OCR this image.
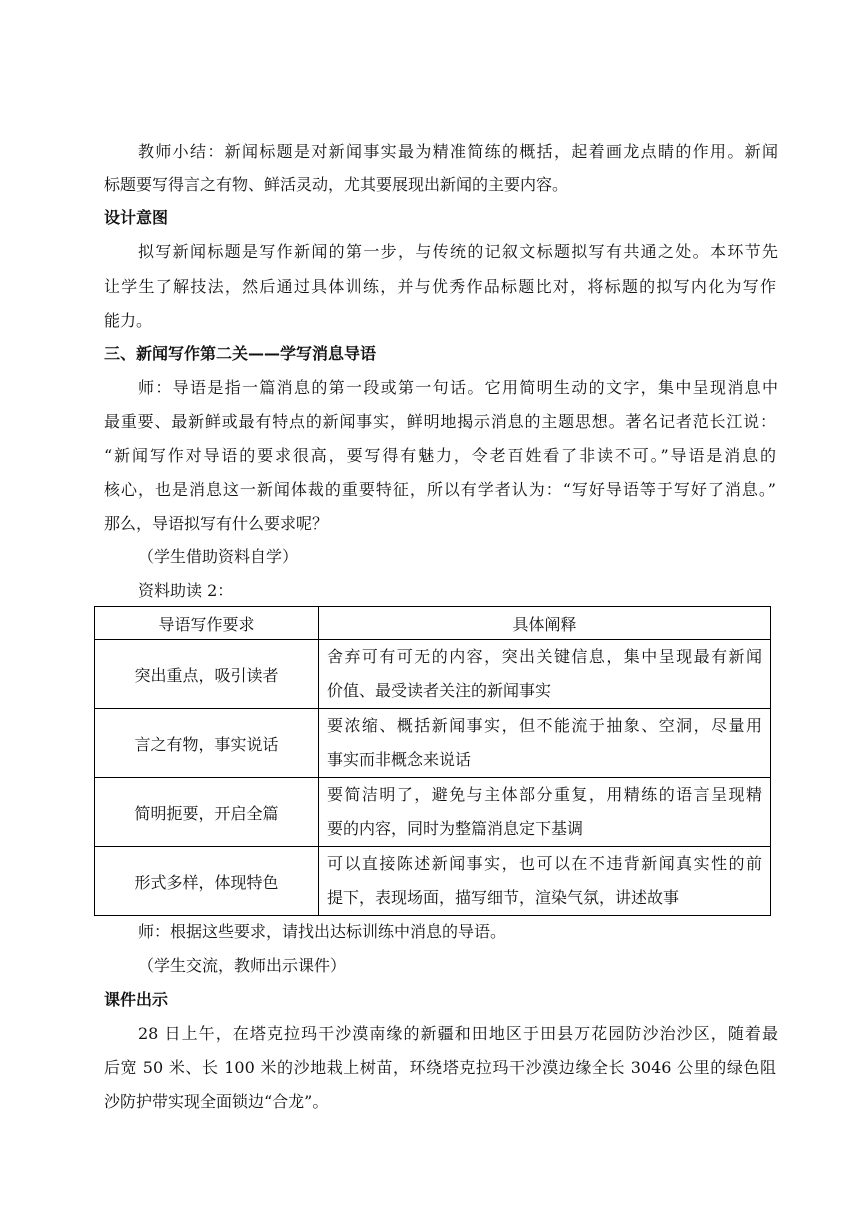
教师小结：新闻标题是对新闻事实最为精准简练的概括，起着画龙点睛的作用。新闻
标题要写得言之有物、鲜活灵动，尤其要展现出新闻的主要内容。
设计意图
拟写新闻标题是写作新闻的第一步，与传统的记叙文标题拟写有共通之处。本环节先
让学生了解技法，然后通过具体训练，并与优秀作品标题比对，将标题的拟写内化为写作
能力。
三、新闻写作第二关——学写消息导语
师：导语是指一篇消息的第一段或第一句话。它用简明生动的文字，集中呈现消息中
最重要、最新鲜或最有特点的新闻事实，鲜明地揭示消息的主题思想。著名记者范长江说：
“新闻写作对导语的要求很高，要写得有魅力，令老百姓看了非读不可。”导语是消息的
核心，也是消息这一新闻体裁的重要特征，所以有学者认为：“写好导语等于写好了消息。”
那么，导语拟写有什么要求呢？
（学生借助资料自学）
资料助读 2：
导语写作要求	具体阐释
突出重点，吸引读者	舍弃可有可无的内容，突出关键信息，集中呈现最有新闻
价值、最受读者关注的新闻事实

言之有物，事实说话	要浓缩、概括新闻事实，但不能流于抽象、空洞，尽量用
事实而非概念来说话

简明扼要，开启全篇	要简洁明了，避免与主体部分重复，用精练的语言呈现精
要的内容，同时为整篇消息定下基调

形式多样，体现特色	可以直接陈述新闻事实，也可以在不违背新闻真实性的前
提下，表现场面，描写细节，渲染气氛，讲述故事
师：根据这些要求，请找出达标训练中消息的导语。
（学生交流，教师出示课件）
课件出示
28 日上午，在塔克拉玛干沙漠南缘的新疆和田地区于田县万花园防沙治沙区，随着最
后宽 50 米、长 100 米的沙地栽上树苗，环绕塔克拉玛干沙漠边缘全长 3046 公里的绿色阻
沙防护带实现全面锁边“合龙”。
